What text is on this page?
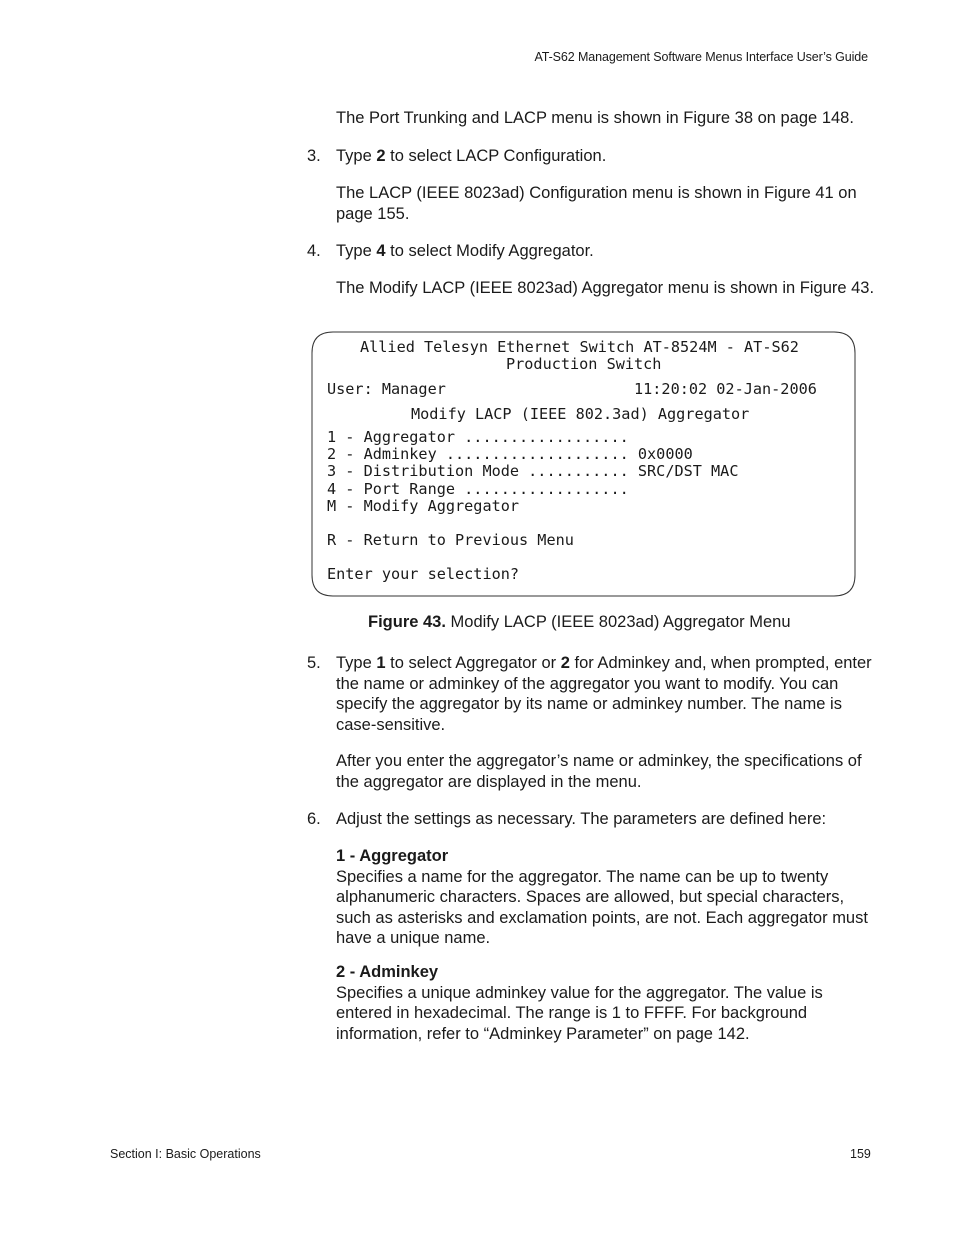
AT-S62 Management Software Menus Interface User’s Guide
The Port Trunking and LACP menu is shown in Figure 38 on page 148.
3. Type 2 to select LACP Configuration.
The LACP (IEEE 8023ad) Configuration menu is shown in Figure 41 on page 155.
4. Type 4 to select Modify Aggregator.
The Modify LACP (IEEE 8023ad) Aggregator menu is shown in Figure 43.
Allied Telesyn Ethernet Switch AT-8524M - AT-S62
Production Switch
User: Manager	11:20:02 02-Jan-2006
Modify LACP (IEEE 802.3ad) Aggregator
1 - Aggregator ..................
2 - Adminkey .................... 0x0000
3 - Distribution Mode ........... SRC/DST MAC
4 - Port Range ..................
M - Modify Aggregator
R - Return to Previous Menu
Enter your selection?
Figure 43. Modify LACP (IEEE 8023ad) Aggregator Menu
5. Type 1 to select Aggregator or 2 for Adminkey and, when prompted, enter the name or adminkey of the aggregator you want to modify. You can specify the aggregator by its name or adminkey number. The name is case-sensitive.
After you enter the aggregator’s name or adminkey, the specifications of the aggregator are displayed in the menu.
6. Adjust the settings as necessary. The parameters are defined here:
1 - Aggregator
Specifies a name for the aggregator. The name can be up to twenty alphanumeric characters. Spaces are allowed, but special characters, such as asterisks and exclamation points, are not. Each aggregator must have a unique name.
2 - Adminkey
Specifies a unique adminkey value for the aggregator. The value is entered in hexadecimal. The range is 1 to FFFF. For background information, refer to “Adminkey Parameter” on page 142.
Section I: Basic Operations	159
